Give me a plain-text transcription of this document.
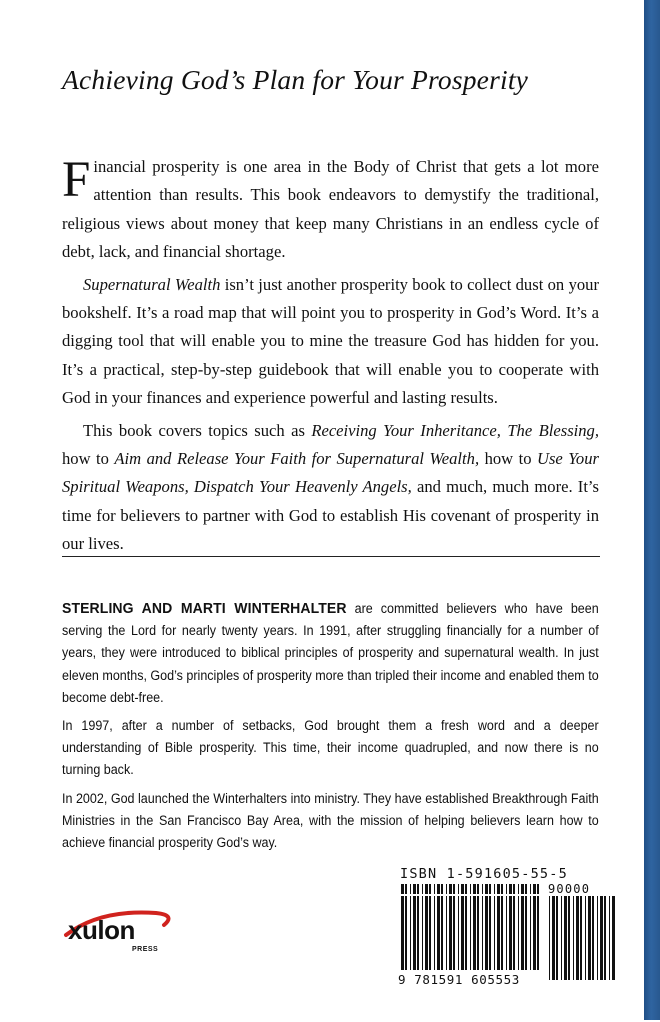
Achieving God’s Plan for Your Prosperity

Financial prosperity is one area in the Body of Christ that gets a lot more attention than results. This book endeavors to demystify the traditional, religious views about money that keep many Christians in an endless cycle of debt, lack, and financial shortage.

Supernatural Wealth isn’t just another prosperity book to collect dust on your bookshelf. It’s a road map that will point you to prosperity in God’s Word. It’s a digging tool that will enable you to mine the treasure God has hidden for you. It’s a practical, step-by-step guidebook that will enable you to cooperate with God in your finances and experience powerful and lasting results.

This book covers topics such as Receiving Your Inheritance, The Blessing, how to Aim and Release Your Faith for Supernatural Wealth, how to Use Your Spiritual Weapons, Dispatch Your Heavenly Angels, and much, much more. It’s time for believers to partner with God to establish His covenant of prosperity in our lives.

STERLING AND MARTI WINTERHALTER are committed believers who have been serving the Lord for nearly twenty years. In 1991, after struggling financially for a number of years, they were introduced to biblical principles of prosperity and supernatural wealth. In just eleven months, God’s principles of prosperity more than tripled their income and enabled them to become debt-free.

In 1997, after a number of setbacks, God brought them a fresh word and a deeper understanding of Bible prosperity. This time, their income quadrupled, and now there is no turning back.

In 2002, God launched the Winterhalters into ministry. They have established Breakthrough Faith Ministries in the San Francisco Bay Area, with the mission of helping believers learn how to achieve financial prosperity God’s way.

xulon
PRESS
ISBN 1-591605-55-5
90000
9 781591 605553
